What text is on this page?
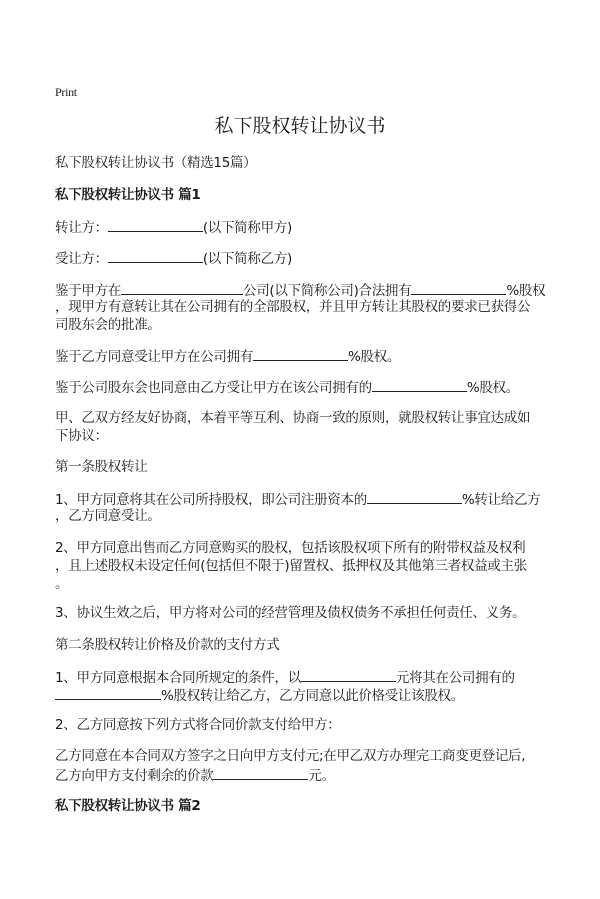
Print
私下股权转让协议书
私下股权转让协议书（精选15篇）
私下股权转让协议书 篇1
转让方：	(以下简称甲方)
受让方：	(以下简称乙方)
鉴于甲方在	公司(以下简称公司)合法拥有	%股权
，现甲方有意转让其在公司拥有的全部股权，并且甲方转让其股权的要求已获得公
司股东会的批准。
鉴于乙方同意受让甲方在公司拥有	%股权。
鉴于公司股东会也同意由乙方受让甲方在该公司拥有的	%股权。
甲、乙双方经友好协商，本着平等互利、协商一致的原则，就股权转让事宜达成如
下协议：
第一条股权转让
1、甲方同意将其在公司所持股权，即公司注册资本的	%转让给乙方
，乙方同意受让。
2、甲方同意出售而乙方同意购买的股权，包括该股权项下所有的附带权益及权利
，且上述股权未设定任何(包括但不限于)留置权、抵押权及其他第三者权益或主张
。
3、协议生效之后，甲方将对公司的经营管理及债权债务不承担任何责任、义务。
第二条股权转让价格及价款的支付方式
1、甲方同意根据本合同所规定的条件，以	元将其在公司拥有的
%股权转让给乙方，乙方同意以此价格受让该股权。
2、乙方同意按下列方式将合同价款支付给甲方：
乙方同意在本合同双方签字之日向甲方支付元;在甲乙双方办理完工商变更登记后,
乙方向甲方支付剩余的价款	元。
私下股权转让协议书 篇2
